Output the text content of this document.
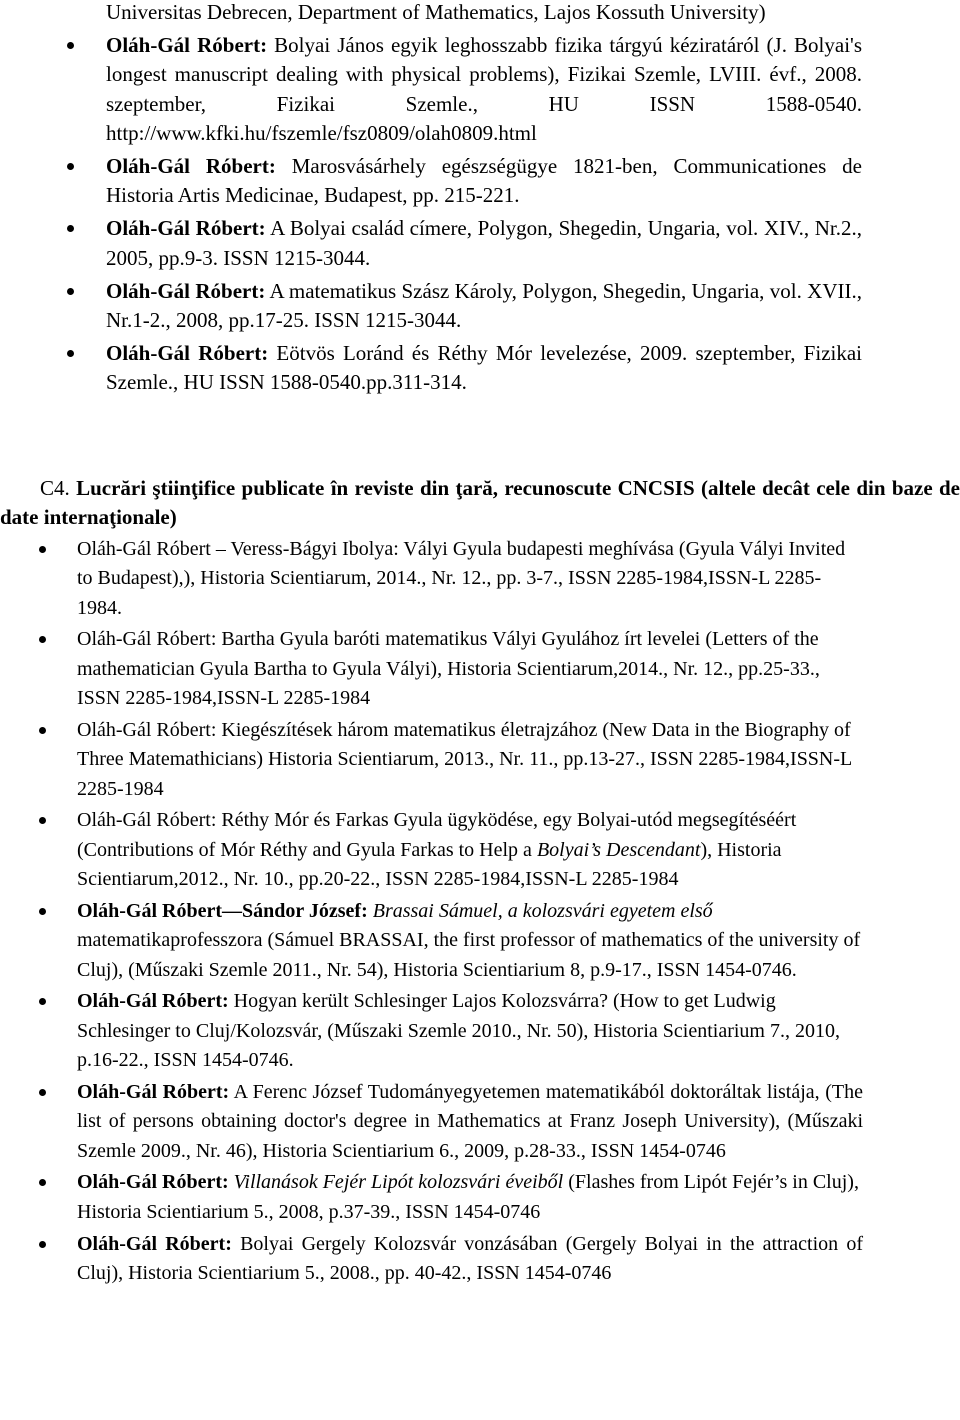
Universitas Debrecen, Department of Mathematics, Lajos Kossuth University)
Oláh-Gál Róbert: Bolyai János egyik leghosszabb fizika tárgyú kéziratáról (J. Bolyai's longest manuscript dealing with physical problems), Fizikai Szemle, LVIII. évf., 2008. szeptember, Fizikai Szemle., HU ISSN 1588-0540. http://www.kfki.hu/fszemle/fsz0809/olah0809.html
Oláh-Gál Róbert: Marosvásárhely egészségügye 1821-ben, Communicationes de Historia Artis Medicinae, Budapest, pp. 215-221.
Oláh-Gál Róbert: A Bolyai család címere, Polygon, Shegedin, Ungaria, vol. XIV., Nr.2., 2005, pp.9-3. ISSN 1215-3044.
Oláh-Gál Róbert: A matematikus Szász Károly, Polygon, Shegedin, Ungaria, vol. XVII., Nr.1-2., 2008, pp.17-25. ISSN 1215-3044.
Oláh-Gál Róbert: Eötvös Loránd és Réthy Mór levelezése, 2009. szeptember, Fizikai Szemle., HU ISSN 1588-0540.pp.311-314.
C4. Lucrări ştiinţifice publicate în reviste din ţară, recunoscute CNCSIS (altele decât cele din baze de date internaţionale)
Oláh-Gál Róbert – Veress-Bágyi Ibolya: Vályi Gyula budapesti meghívása (Gyula Vályi Invited to Budapest),), Historia Scientiarum, 2014., Nr. 12., pp. 3-7., ISSN 2285-1984,ISSN-L 2285-1984.
Oláh-Gál Róbert: Bartha Gyula baróti matematikus Vályi Gyulához írt levelei (Letters of the mathematician Gyula Bartha to Gyula Vályi), Historia Scientiarum,2014., Nr. 12., pp.25-33., ISSN 2285-1984,ISSN-L 2285-1984
Oláh-Gál Róbert: Kiegészítések három matematikus életrajzához (New Data in the Biography of Three Matemathicians) Historia Scientiarum, 2013., Nr. 11., pp.13-27., ISSN 2285-1984,ISSN-L 2285-1984
Oláh-Gál Róbert: Réthy Mór és Farkas Gyula ügyködése, egy Bolyai-utód megsegítéséért (Contributions of Mór Réthy and Gyula Farkas to Help a Bolyai’s Descendant), Historia Scientiarum,2012., Nr. 10., pp.20-22., ISSN 2285-1984,ISSN-L 2285-1984
Oláh-Gál Róbert—Sándor József: Brassai Sámuel, a kolozsvári egyetem első matematikaprofesszora (Sámuel BRASSAI, the first professor of mathematics of the university of Cluj), (Műszaki Szemle 2011., Nr. 54), Historia Scientiarium 8, p.9-17., ISSN 1454-0746.
Oláh-Gál Róbert: Hogyan került Schlesinger Lajos Kolozsvárra? (How to get Ludwig Schlesinger to Cluj/Kolozsvár, (Műszaki Szemle 2010., Nr. 50), Historia Scientiarium 7., 2010, p.16-22., ISSN 1454-0746.
Oláh-Gál Róbert: A Ferenc József Tudományegyetemen matematikából doktoráltak listája, (The list of persons obtaining doctor's degree in Mathematics at Franz Joseph University), (Műszaki Szemle 2009., Nr. 46), Historia Scientiarium 6., 2009, p.28-33., ISSN 1454-0746
Oláh-Gál Róbert: Villanások Fejér Lipót kolozsvári éveiből (Flashes from Lipót Fejér’s in Cluj), Historia Scientiarium 5., 2008, p.37-39., ISSN 1454-0746
Oláh-Gál Róbert: Bolyai Gergely Kolozsvár vonzásában (Gergely Bolyai in the attraction of Cluj), Historia Scientiarium 5., 2008., pp. 40-42., ISSN 1454-0746
